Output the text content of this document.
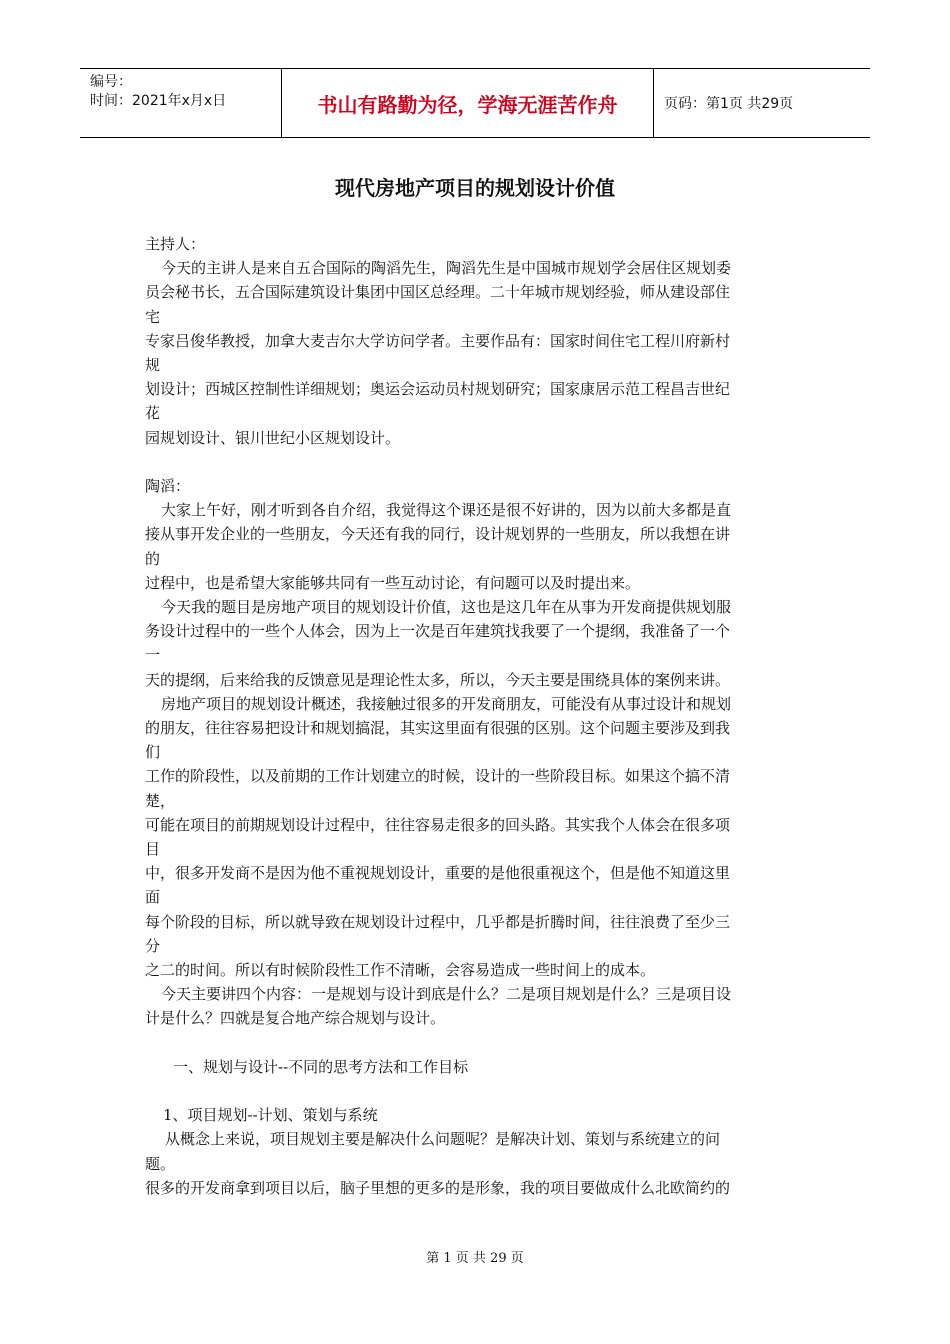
编号：
时间：2021年x月x日	书山有路勤为径，学海无涯苦作舟	页码：第1页 共29页
现代房地产项目的规划设计价值

主持人：

今天的主讲人是来自五合国际的陶滔先生，陶滔先生是中国城市规划学会居住区规划委

员会秘书长，五合国际建筑设计集团中国区总经理。二十年城市规划经验，师从建设部住

宅

专家吕俊华教授，加拿大麦吉尔大学访问学者。主要作品有：国家时间住宅工程川府新村

规

划设计；西城区控制性详细规划；奥运会运动员村规划研究；国家康居示范工程昌吉世纪

花

园规划设计、银川世纪小区规划设计。

陶滔：

大家上午好，刚才听到各自介绍，我觉得这个课还是很不好讲的，因为以前大多都是直

接从事开发企业的一些朋友，今天还有我的同行，设计规划界的一些朋友，所以我想在讲

的

过程中，也是希望大家能够共同有一些互动讨论，有问题可以及时提出来。

今天我的题目是房地产项目的规划设计价值，这也是这几年在从事为开发商提供规划服

务设计过程中的一些个人体会，因为上一次是百年建筑找我要了一个提纲，我准备了一个

一

天的提纲，后来给我的反馈意见是理论性太多，所以，今天主要是围绕具体的案例来讲。

房地产项目的规划设计概述，我接触过很多的开发商朋友，可能没有从事过设计和规划

的朋友，往往容易把设计和规划搞混，其实这里面有很强的区别。这个问题主要涉及到我

们

工作的阶段性，以及前期的工作计划建立的时候，设计的一些阶段目标。如果这个搞不清

楚，

可能在项目的前期规划设计过程中，往往容易走很多的回头路。其实我个人体会在很多项

目

中，很多开发商不是因为他不重视规划设计，重要的是他很重视这个，但是他不知道这里

面

每个阶段的目标，所以就导致在规划设计过程中，几乎都是折腾时间，往往浪费了至少三

分

之二的时间。所以有时候阶段性工作不清晰，会容易造成一些时间上的成本。

今天主要讲四个内容：一是规划与设计到底是什么？二是项目规划是什么？三是项目设

计是什么？四就是复合地产综合规划与设计。

一、规划与设计--不同的思考方法和工作目标

1、项目规划--计划、策划与系统

从概念上来说，项目规划主要是解决什么问题呢？是解决计划、策划与系统建立的问

题。

很多的开发商拿到项目以后，脑子里想的更多的是形象，我的项目要做成什么北欧简约的

第 1 页 共 29 页
